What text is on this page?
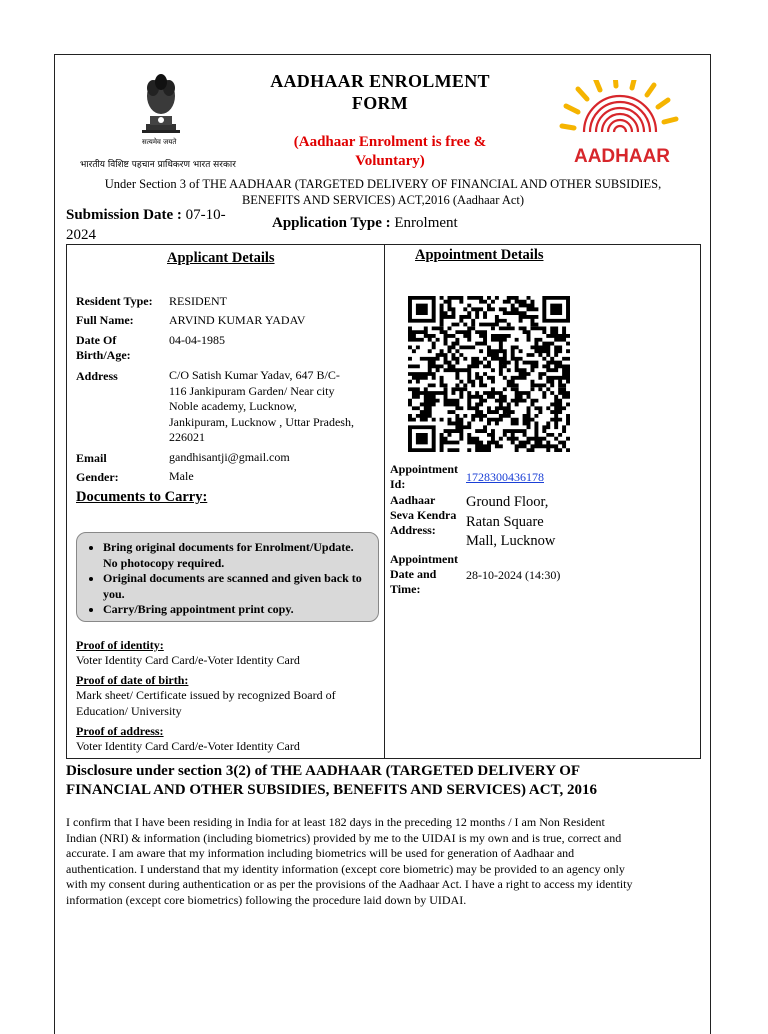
सत्यमेव जयते
भारतीय विशिष्ट पहचान प्राधिकरण भारत सरकार
AADHAAR ENROLMENT
FORM
(Aadhaar Enrolment is free &
Voluntary)	AADHAAR
Under Section 3 of THE AADHAAR (TARGETED DELIVERY OF FINANCIAL AND OTHER SUBSIDIES,
BENEFITS AND SERVICES) ACT,2016 (Aadhaar Act)
Submission Date : 07-10-
2024
Application Type : Enrolment
Applicant Details
Resident Type: RESIDENT
Full Name:	ARVIND KUMAR YADAV
Date Of
Birth/Age:
04-04-1985
Address	C/O Satish Kumar Yadav, 647 B/C-
116 Jankipuram Garden/ Near city
Noble academy, Lucknow,
Jankipuram, Lucknow , Uttar Pradesh,
226021
Email	gandhisantji@gmail.com
Gender:	Male
Documents to Carry:
• Bring original documents for Enrolment/Update. No photocopy required.
• Original documents are scanned and given back to you.
• Carry/Bring appointment print copy.
Proof of identity:
Voter Identity Card Card/e-Voter Identity Card
Proof of date of birth:
Mark sheet/ Certificate issued by recognized Board of
Education/ University
Proof of address:
Voter Identity Card Card/e-Voter Identity Card
Appointment Details
Appointment
Id:	1728300436178
Aadhaar
Seva Kendra
Address:
Ground Floor,
Ratan Square
Mall, Lucknow
Appointment
Date and
Time:
28-10-2024 (14:30)
Disclosure under section 3(2) of THE AADHAAR (TARGETED DELIVERY OF
FINANCIAL AND OTHER SUBSIDIES, BENEFITS AND SERVICES) ACT, 2016
I confirm that I have been residing in India for at least 182 days in the preceding 12 months / I am Non Resident
Indian (NRI) & information (including biometrics) provided by me to the UIDAI is my own and is true, correct and
accurate. I am aware that my information including biometrics will be used for generation of Aadhaar and
authentication. I understand that my identity information (except core biometric) may be provided to an agency only
with my consent during authentication or as per the provisions of the Aadhaar Act. I have a right to access my identity
information (except core biometrics) following the procedure laid down by UIDAI.
